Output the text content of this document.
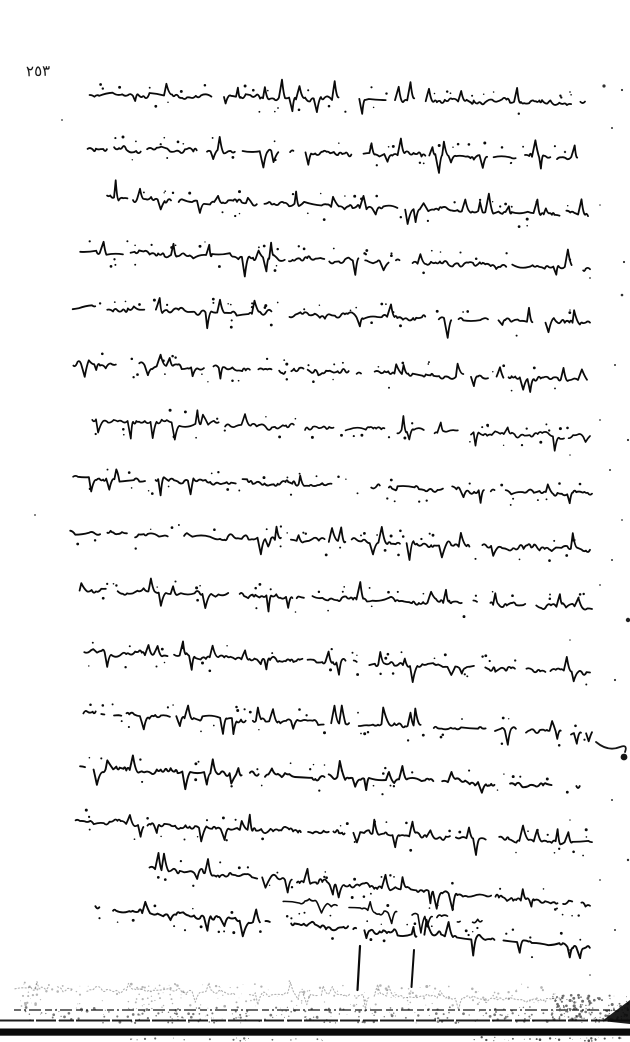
٢٥٣
